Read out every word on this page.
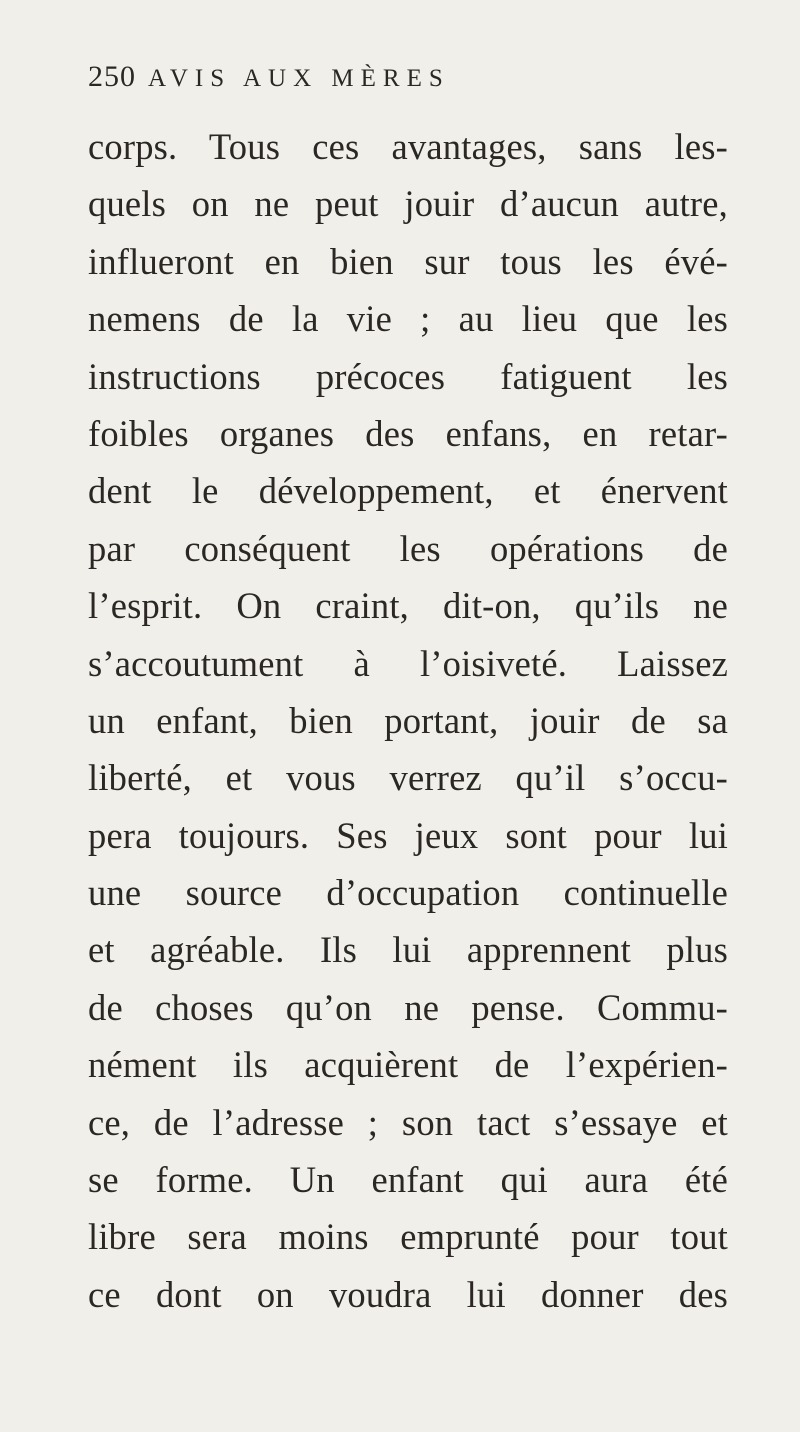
250 AVIS AUX MÈRES
corps. Tous ces avantages, sans les-
quels on ne peut jouir d’aucun autre,
influeront en bien sur tous les évé-
nemens de la vie ; au lieu que les
instructions précoces fatiguent les
foibles organes des enfans, en retar-
dent le développement, et énervent
par conséquent les opérations de
l’esprit. On craint, dit-on, qu’ils ne
s’accoutument à l’oisiveté. Laissez
un enfant, bien portant, jouir de sa
liberté, et vous verrez qu’il s’occu-
pera toujours. Ses jeux sont pour lui
une source d’occupation continuelle
et agréable. Ils lui apprennent plus
de choses qu’on ne pense. Commu-
nément ils acquièrent de l’expérien-
ce, de l’adresse ; son tact s’essaye et
se forme. Un enfant qui aura été
libre sera moins emprunté pour tout
ce dont on voudra lui donner des
